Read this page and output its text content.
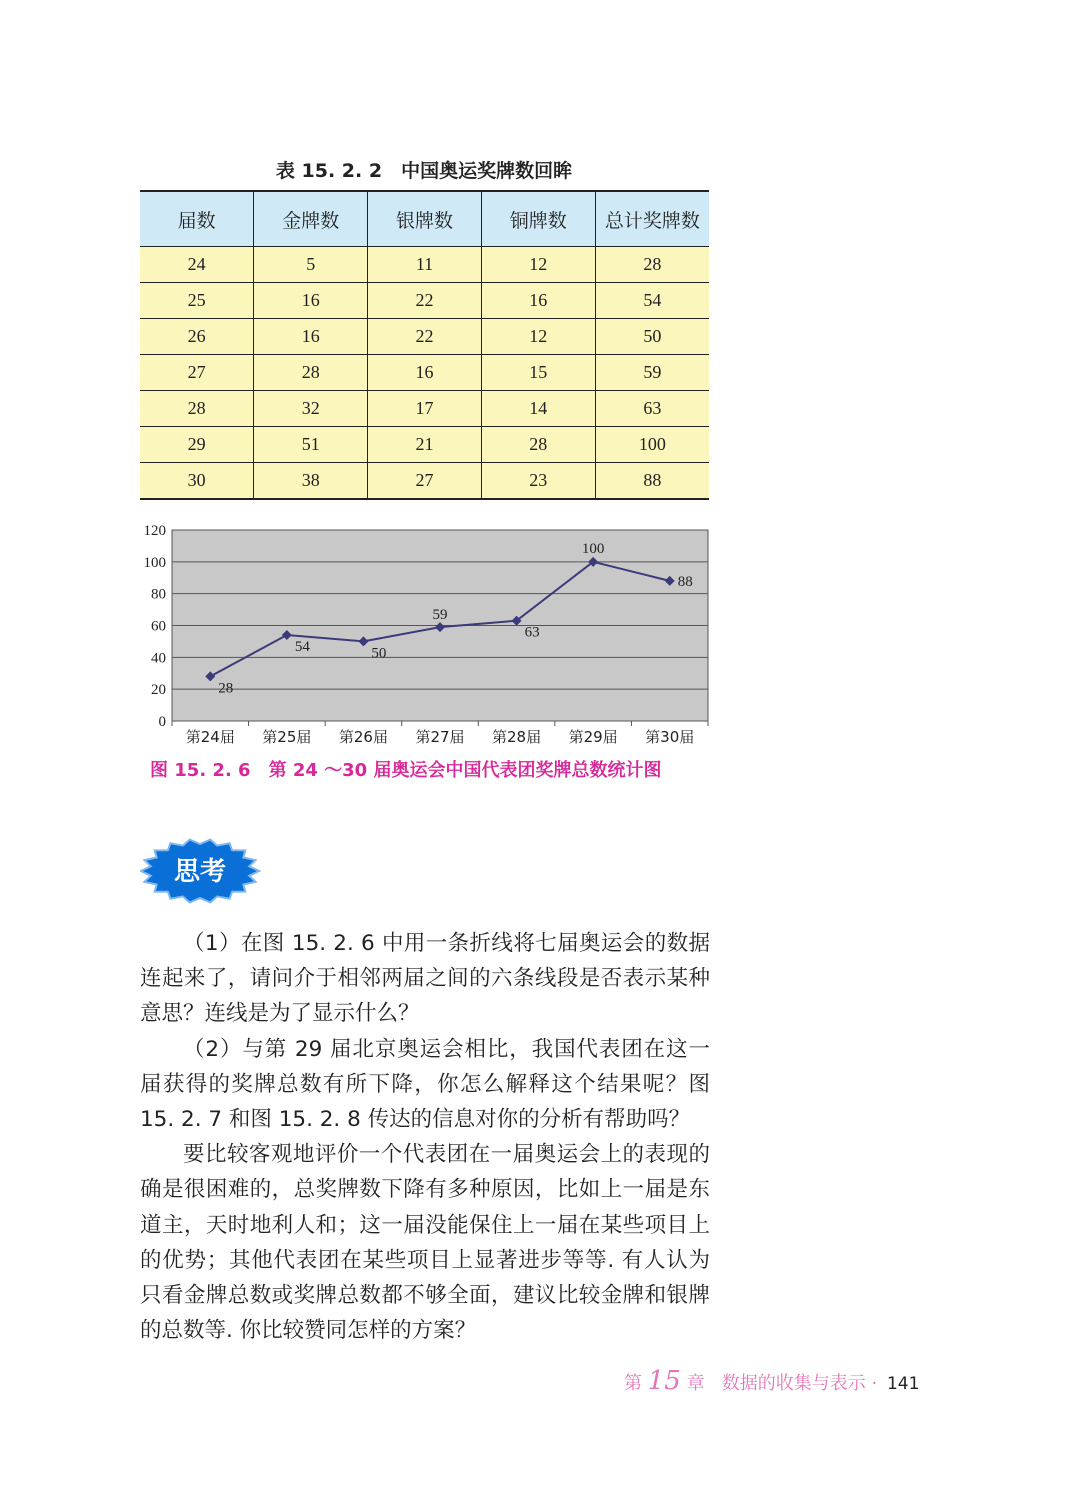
表 15. 2. 2　中国奥运奖牌数回眸
届数	金牌数	银牌数	铜牌数	总计奖牌数
24	5	11	12	28
25	16	22	16	54
26	16	22	12	50
27	28	16	15	59
28	32	17	14	63
29	51	21	28	100
30	38	27	23	88
0
20
40
60
80
100
120
第24届 第25届 第26届 第27届 第28届 第29届 第30届
28
54	50
59
63
100
88
图 15. 2. 6　第 24 ～30 届奥运会中国代表团奖牌总数统计图
思考

（1）在图 15. 2. 6 中用一条折线将七届奥运会的数据连起来了，请问介于相邻两届之间的六条线段是否表示某种意思？连线是为了显示什么？

（2）与第 29 届北京奥运会相比，我国代表团在这一届获得的奖牌总数有所下降，你怎么解释这个结果呢？图 15. 2. 7 和图 15. 2. 8 传达的信息对你的分析有帮助吗？

要比较客观地评价一个代表团在一届奥运会上的表现的确是很困难的，总奖牌数下降有多种原因，比如上一届是东道主，天时地利人和；这一届没能保住上一届在某些项目上的优势；其他代表团在某些项目上显著进步等等. 有人认为只看金牌总数或奖牌总数都不够全面，建议比较金牌和银牌的总数等. 你比较赞同怎样的方案？

第 15 章 数据的收集与表示 · 141
